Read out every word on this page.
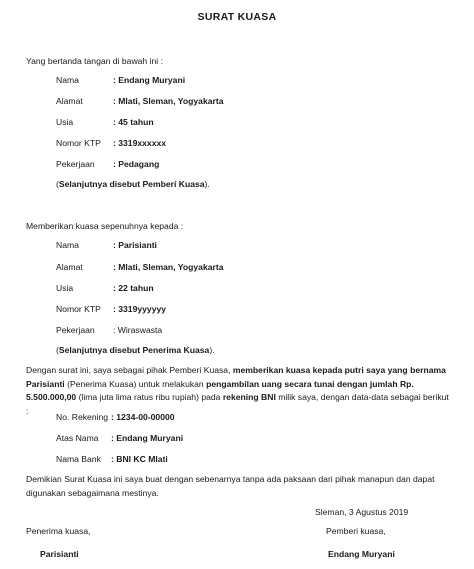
SURAT KUASA
Yang bertanda tangan di bawah ini :
Nama	: Endang Muryani
Alamat	: Mlati, Sleman, Yogyakarta
Usia	: 45 tahun
Nomor KTP : 3319xxxxxx
Pekerjaan : Pedagang
(Selanjutnya disebut Pemberi Kuasa).
Memberikan kuasa sepenuhnya kepada :
Nama	: Parisianti
Alamat	: Mlati, Sleman, Yogyakarta
Usia	: 22 tahun
Nomor KTP : 3319yyyyyy
Pekerjaan : Wiraswasta
(Selanjutnya disebut Penerima Kuasa).
Dengan surat ini, saya sebagai pihak Pemberi Kuasa, memberikan kuasa kepada putri saya yang bernama Parisianti (Penerima Kuasa) untuk melakukan pengambilan uang secara tunai dengan jumlah Rp. 5.500.000,00 (lima juta lima ratus ribu rupiah) pada rekening BNI milik saya, dengan data-data sebagai berikut :
No. Rekening : 1234-00-00000
Atas Nama : Endang Muryani
Nama Bank : BNI KC Mlati
Demikian Surat Kuasa ini saya buat dengan sebenarnya tanpa ada paksaan dari pihak manapun dan dapat digunakan sebagaimana mestinya.
Sleman, 3 Agustus 2019
Penerima kuasa,	Pemberi kuasa,
Parisianti	Endang Muryani
